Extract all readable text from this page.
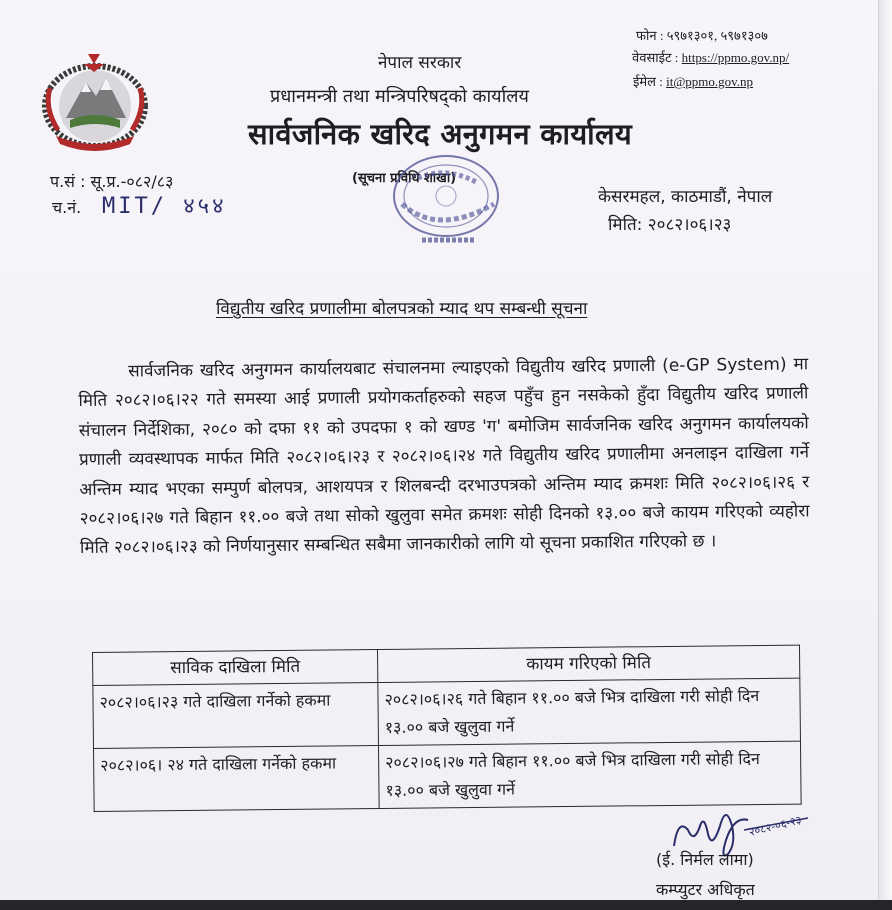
नेपाल सरकार
प्रधानमन्त्री तथा मन्त्रिपरिषद्को कार्यालय
सार्वजनिक खरिद अनुगमन कार्यालय
(सूचना प्रविधि शाखा)
फोन : ५९७१३०१, ५९७१३०७
वेवसाईट : https://ppmo.gov.np/
ईमेल : it@ppmo.gov.np
प.सं : सू.प्र.-०८२/८३
च.नं. MIT/ ४५४	केसरमहल, काठमाडौं, नेपाल
मिति: २०८२।०६।२३
विद्युतीय खरिद प्रणालीमा बोलपत्रको म्याद थप सम्बन्धी सूचना
सार्वजनिक खरिद अनुगमन कार्यालयबाट संचालनमा ल्याइएको विद्युतीय खरिद प्रणाली (e-GP System) मा मिति २०८२।०६।२२ गते समस्या आई प्रणाली प्रयोगकर्ताहरुको सहज पहुँच हुन नसकेको हुँदा विद्युतीय खरिद प्रणाली संचालन निर्देशिका, २०८० को दफा ११ को उपदफा १ को खण्ड 'ग' बमोजिम सार्वजनिक खरिद अनुगमन कार्यालयको प्रणाली व्यवस्थापक मार्फत मिति २०८२।०६।२३ र २०८२।०६।२४ गते विद्युतीय खरिद प्रणालीमा अनलाइन दाखिला गर्ने अन्तिम म्याद भएका सम्पुर्ण बोलपत्र, आशयपत्र र शिलबन्दी दरभाउपत्रको अन्तिम म्याद क्रमशः मिति २०८२।०६।२६ र २०८२।०६।२७ गते बिहान ११.०० बजे तथा सोको खुलुवा समेत क्रमशः सोही दिनको १३.०० बजे कायम गरिएको व्यहोरा मिति २०८२।०६।२३ को निर्णयानुसार सम्बन्धित सबैमा जानकारीको लागि यो सूचना प्रकाशित गरिएको छ ।
साविक दाखिला मिति	कायम गरिएको मिति
२०८२।०६।२३ गते दाखिला गर्नेको हकमा	२०८२।०६।२६ गते बिहान ११.०० बजे भित्र दाखिला गरी सोही दिन १३.०० बजे खुलुवा गर्ने
२०८२।०६। २४ गते दाखिला गर्नेको हकमा	२०८२।०६।२७ गते बिहान ११.०० बजे भित्र दाखिला गरी सोही दिन १३.०० बजे खुलुवा गर्ने
२०८२-०६-२३
(ई. निर्मल लामा)
कम्प्युटर अधिकृत
